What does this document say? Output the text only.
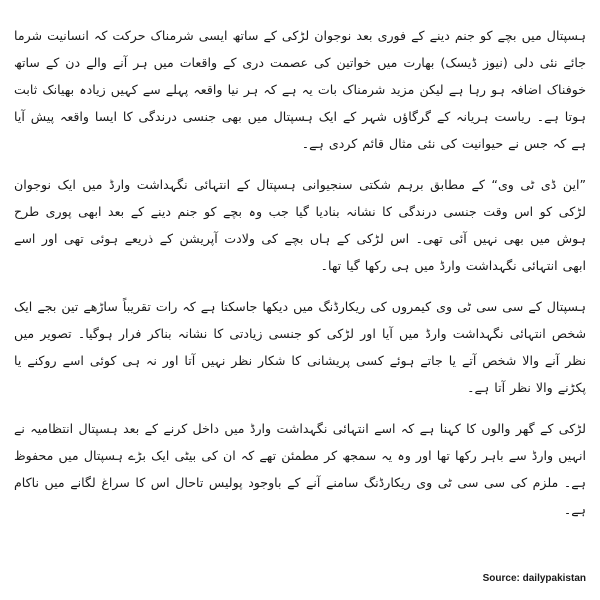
ہسپتال میں بچے کو جنم دینے کے فوری بعد نوجوان لڑکی کے ساتھ ایسی شرمناک حرکت کہ انسانیت شرما جائے نئی دلی (نیوز ڈیسک) بھارت میں خواتین کی عصمت دری کے واقعات میں ہر آنے والے دن کے ساتھ خوفناک اضافہ ہو رہا ہے لیکن مزید شرمناک بات یہ ہے کہ ہر نیا واقعہ پہلے سے کہیں زیادہ بھیانک ثابت ہوتا ہے۔ ریاست ہریانہ کے گرگاؤں شہر کے ایک ہسپتال میں بھی جنسی درندگی کا ایسا واقعہ پیش آیا ہے کہ جس نے حیوانیت کی نئی مثال قائم کردی ہے۔

”این ڈی ٹی وی“ کے مطابق برہم شکتی سنجیوانی ہسپتال کے انتہائی نگہداشت وارڈ میں ایک نوجوان لڑکی کو اس وقت جنسی درندگی کا نشانہ بنادیا گیا جب وہ بچے کو جنم دینے کے بعد ابھی پوری طرح ہوش میں بھی نہیں آئی تھی۔ اس لڑکی کے ہاں بچے کی ولادت آپریشن کے ذریعے ہوئی تھی اور اسے ابھی انتہائی نگہداشت وارڈ میں ہی رکھا گیا تھا۔

ہسپتال کے سی سی ٹی وی کیمروں کی ریکارڈنگ میں دیکھا جاسکتا ہے کہ رات تقریباً ساڑھے تین بجے ایک شخص انتہائی نگہداشت وارڈ میں آیا اور لڑکی کو جنسی زیادتی کا نشانہ بناکر فرار ہوگیا۔ تصویر میں نظر آنے والا شخص آتے یا جاتے ہوئے کسی پریشانی کا شکار نظر نہیں آتا اور نہ ہی کوئی اسے روکنے یا پکڑنے والا نظر آتا ہے۔

لڑکی کے گھر والوں کا کہنا ہے کہ اسے انتہائی نگہداشت وارڈ میں داخل کرنے کے بعد ہسپتال انتظامیہ نے انہیں وارڈ سے باہر رکھا تھا اور وہ یہ سمجھ کر مطمئن تھے کہ ان کی بیٹی ایک بڑے ہسپتال میں محفوظ ہے۔ ملزم کی سی سی ٹی وی ریکارڈنگ سامنے آنے کے باوجود پولیس تاحال اس کا سراغ لگانے میں ناکام ہے۔

Source: dailypakistan
